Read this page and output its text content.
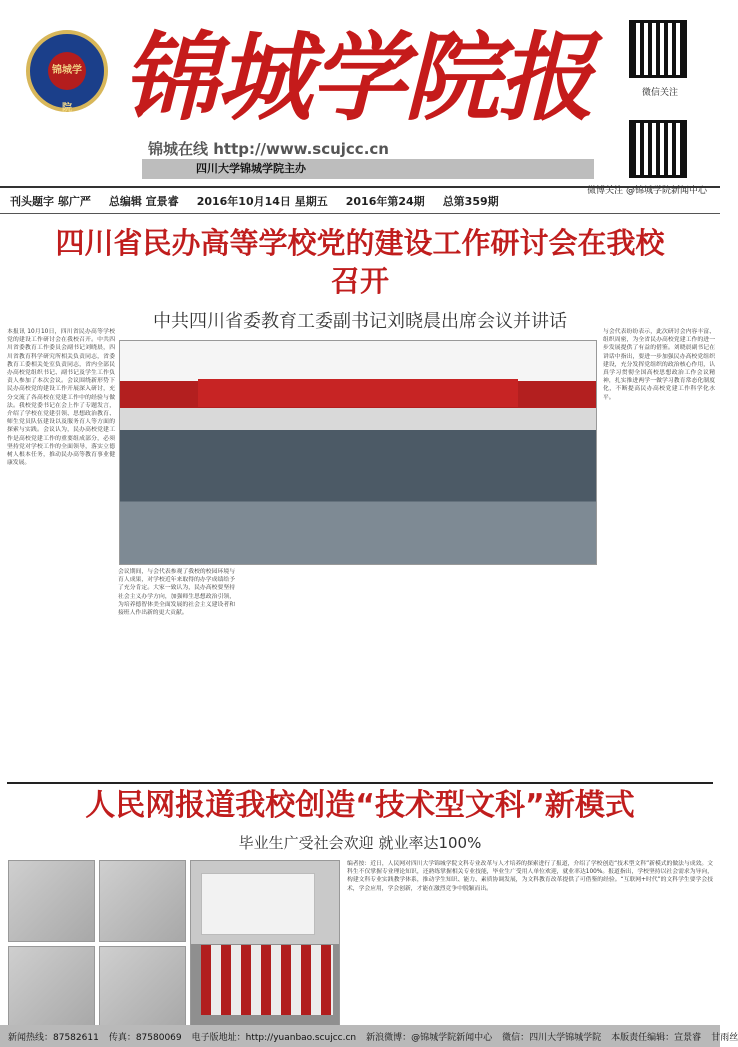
锦城学院 锦城学院报
锦城在线 http://www.scujcc.cn
四川大学锦城学院主办
微信关注
微博关注 @锦城学院新闻中心
刊头题字 邬广严 总编辑 宣景睿 2016年10月14日 星期五 2016年第24期 总第359期
四川省民办高等学校党的建设工作研讨会在我校召开
中共四川省委教育工委副书记刘晓晨出席会议并讲话
本报讯 10月10日，四川省民办高等学校党的建设工作研讨会在我校召开。中共四川省委教育工作委员会副书记刘晓晨，四川省教育科学研究所相关负责同志，省委教育工委相关处室负责同志，省内全部民办高校党组织书记、副书记及学生工作负责人参加了本次会议。会议围绕新形势下民办高校党的建设工作开展深入研讨，充分交流了各高校在党建工作中的经验与做法。我校党委书记在会上作了专题发言，介绍了学校在党建引领、思想政治教育、师生党员队伍建设以及服务育人等方面的探索与实践。会议认为，民办高校党建工作是高校党建工作的重要组成部分，必须坚持党对学校工作的全面领导，落实立德树人根本任务，推动民办高等教育事业健康发展。
与会代表纷纷表示，此次研讨会内容丰富、组织周密，为全省民办高校党建工作的进一步发展提供了有益的借鉴。刘晓晨副书记在讲话中指出，要进一步加强民办高校党组织建设，充分发挥党组织的政治核心作用，认真学习贯彻全国高校思想政治工作会议精神，扎实推进两学一做学习教育常态化制度化，不断提高民办高校党建工作科学化水平。
会议期间，与会代表参观了我校的校园环境与育人成果，对学校近年来取得的办学成绩给予了充分肯定。大家一致认为，民办高校要坚持社会主义办学方向，加强师生思想政治引领，为培养德智体美全面发展的社会主义建设者和接班人作出新的更大贡献。
人民网报道我校创造“技术型文科”新模式
毕业生广受社会欢迎 就业率达100%
编者按：近日，人民网对四川大学锦城学院文科专业改革与人才培养的探索进行了报道，介绍了学校创造“技术型文科”新模式的做法与成效。文科生不仅掌握专业理论知识，还熟练掌握相关专业技能，毕业生广受用人单位欢迎，就业率达100%。报道指出，学校坚持以社会需求为导向，构建文科专业实践教学体系，推动学生知识、能力、素质协调发展，为文科教育改革提供了可借鉴的经验。“互联网+时代”的文科学生要学会技术，学会应用，学会创新，才能在激烈竞争中脱颖而出。
新闻热线：87582611 传真：87580069 电子版地址：http://yuanbao.scujcc.cn 新浪微博：@锦城学院新闻中心 微信：四川大学锦城学院 本版责任编辑：宣景睿 甘雨丝
